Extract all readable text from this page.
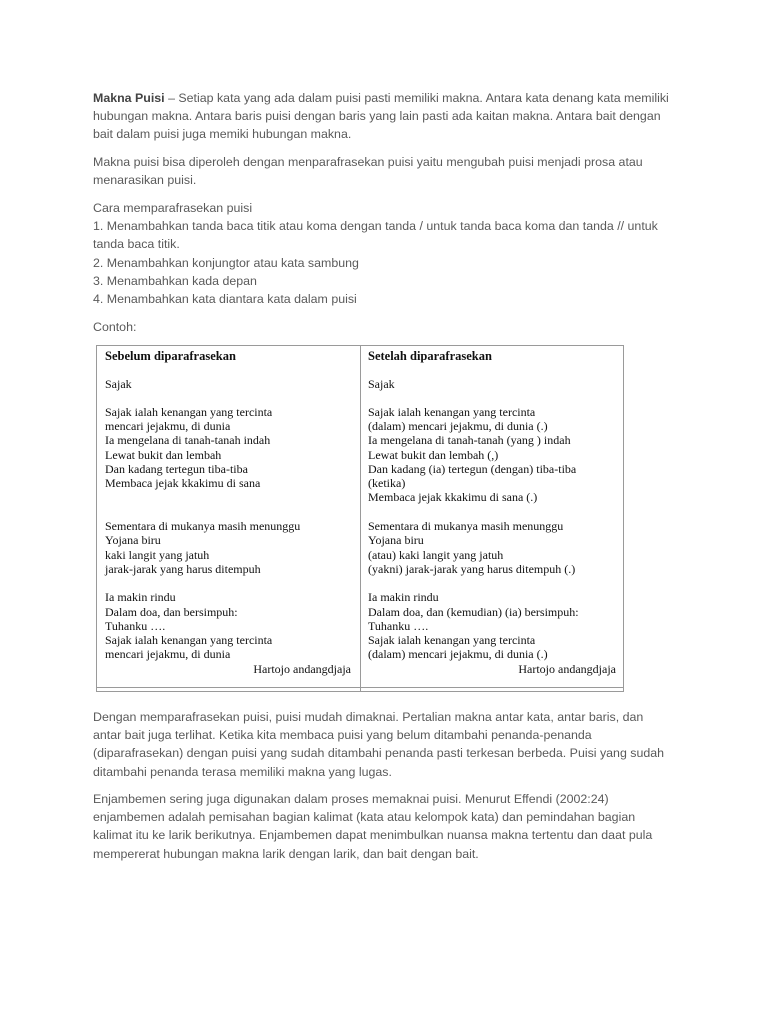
Makna Puisi – Setiap kata yang ada dalam puisi pasti memiliki makna. Antara kata denang kata memiliki hubungan makna. Antara baris puisi dengan baris yang lain pasti ada kaitan makna. Antara bait dengan bait dalam puisi juga memiki hubungan makna.

Makna puisi bisa diperoleh dengan menparafrasekan puisi yaitu mengubah puisi menjadi prosa atau menarasikan puisi.

Cara memparafrasekan puisi

1. Menambahkan tanda baca titik atau koma dengan tanda / untuk tanda baca koma dan tanda // untuk tanda baca titik.

2. Menambahkan konjungtor atau kata sambung

3. Menambahkan kada depan

4. Menambahkan kata diantara kata dalam puisi

Contoh:

Sebelum diparafrasekan
Sajak
Sajak ialah kenangan yang tercinta
mencari jejakmu, di dunia
Ia mengelana di tanah-tanah indah
Lewat bukit dan lembah
Dan kadang tertegun tiba-tiba
Membaca jejak kkakimu di sana
Sementara di mukanya masih menunggu
Yojana biru
kaki langit yang jatuh
jarak-jarak yang harus ditempuh
Ia makin rindu
Dalam doa, dan bersimpuh:
Tuhanku ….
Sajak ialah kenangan yang tercinta
mencari jejakmu, di dunia
Hartojo andangdjaja
Setelah diparafrasekan
Sajak
Sajak ialah kenangan yang tercinta
(dalam) mencari jejakmu, di dunia (.)
Ia mengelana di tanah-tanah (yang ) indah
Lewat bukit dan lembah (,)
Dan kadang (ia) tertegun (dengan) tiba-tiba
(ketika)
Membaca jejak kkakimu di sana (.)
Sementara di mukanya masih menunggu
Yojana biru
(atau) kaki langit yang jatuh
(yakni) jarak-jarak yang harus ditempuh (.)
Ia makin rindu
Dalam doa, dan (kemudian) (ia) bersimpuh:
Tuhanku ….
Sajak ialah kenangan yang tercinta
(dalam) mencari jejakmu, di dunia (.)
Hartojo andangdjaja

Dengan memparafrasekan puisi, puisi mudah dimaknai. Pertalian makna antar kata, antar baris, dan antar bait juga terlihat. Ketika kita membaca puisi yang belum ditambahi penanda-penanda (diparafrasekan) dengan puisi yang sudah ditambahi penanda pasti terkesan berbeda. Puisi yang sudah ditambahi penanda terasa memiliki makna yang lugas.

Enjambemen sering juga digunakan dalam proses memaknai puisi. Menurut Effendi (2002:24) enjambemen adalah pemisahan bagian kalimat (kata atau kelompok kata) dan pemindahan bagian kalimat itu ke larik berikutnya. Enjambemen dapat menimbulkan nuansa makna tertentu dan daat pula mempererat hubungan makna larik dengan larik, dan bait dengan bait.
